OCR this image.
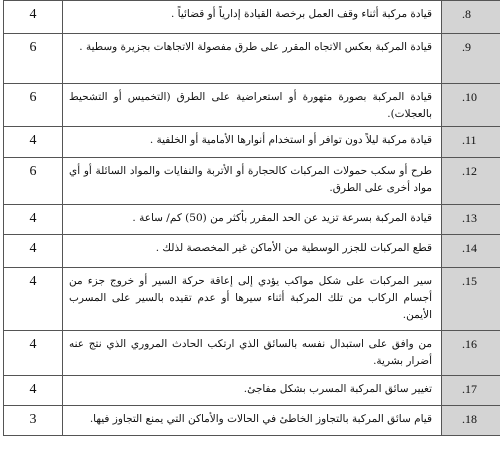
4	قيادة مركبة أثناء وقف العمل برخصة القيادة إدارياً أو قضائياً .	.8
6	قيادة المركبة بعكس الاتجاه المقرر على طرق مفصولة الاتجاهات بجزيرة وسطية .	.9
6	قيادة المركبة بصورة متهورة أو استعراضية على الطرق (التخميس أو التشحيط بالعجلات).	.10
4	قيادة مركبة ليلاً دون توافر أو استخدام أنوارها الأمامية أو الخلفية .	.11
6	طرح أو سكب حمولات المركبات كالحجارة أو الأتربة والنفايات والمواد السائلة أو أي مواد أخرى على الطرق.	.12
4	قيادة المركبة بسرعة تزيد عن الحد المقرر بأكثر من (50) كم/ ساعة .	.13
4	قطع المركبات للجزر الوسطية من الأماكن غير المخصصة لذلك .	.14
4	سير المركبات على شكل مواكب يؤدي إلى إعاقة حركة السير أو خروج جزء من أجسام الركاب من تلك المركبة أثناء سيرها أو عدم تقيده بالسير على المسرب الأيمن.	.15
4	من وافق على استبدال نفسه بالسائق الذي ارتكب الحادث المروري الذي نتج عنه أضرار بشرية.	.16
4	تغيير سائق المركبة المسرب بشكل مفاجئ.	.17
3	قيام سائق المركبة بالتجاوز الخاطئ في الحالات والأماكن التي يمنع التجاوز فيها.	.18
